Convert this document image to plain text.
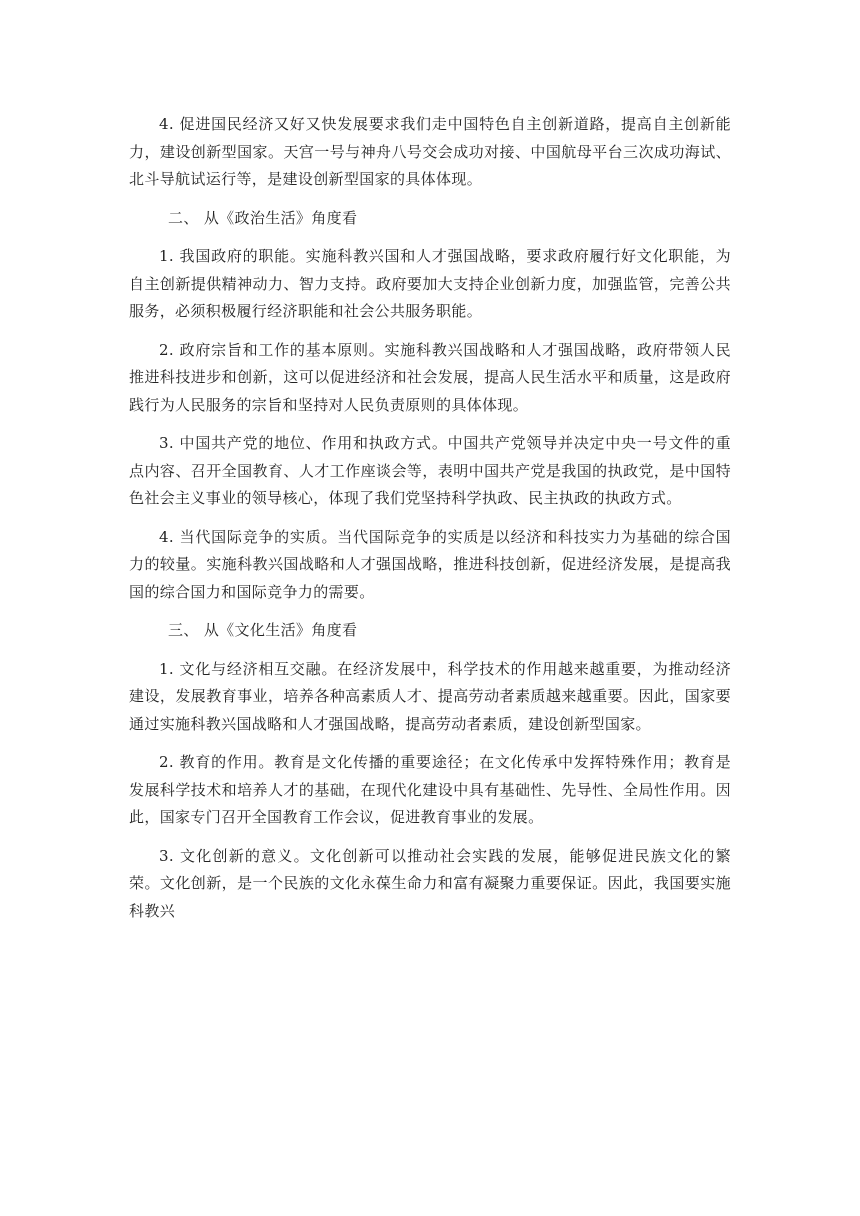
4. 促进国民经济又好又快发展要求我们走中国特色自主创新道路，提高自主创新能力，建设创新型国家。天宫一号与神舟八号交会成功对接、中国航母平台三次成功海试、北斗导航试运行等，是建设创新型国家的具体体现。

二、 从《政治生活》角度看

1. 我国政府的职能。实施科教兴国和人才强国战略，要求政府履行好文化职能，为自主创新提供精神动力、智力支持。政府要加大支持企业创新力度，加强监管，完善公共服务，必须积极履行经济职能和社会公共服务职能。

2. 政府宗旨和工作的基本原则。实施科教兴国战略和人才强国战略，政府带领人民推进科技进步和创新，这可以促进经济和社会发展，提高人民生活水平和质量，这是政府践行为人民服务的宗旨和坚持对人民负责原则的具体体现。

3. 中国共产党的地位、作用和执政方式。中国共产党领导并决定中央一号文件的重点内容、召开全国教育、人才工作座谈会等，表明中国共产党是我国的执政党，是中国特色社会主义事业的领导核心，体现了我们党坚持科学执政、民主执政的执政方式。

4. 当代国际竞争的实质。当代国际竞争的实质是以经济和科技实力为基础的综合国力的较量。实施科教兴国战略和人才强国战略，推进科技创新，促进经济发展，是提高我国的综合国力和国际竞争力的需要。

三、 从《文化生活》角度看

1. 文化与经济相互交融。在经济发展中，科学技术的作用越来越重要，为推动经济建设，发展教育事业，培养各种高素质人才、提高劳动者素质越来越重要。因此，国家要通过实施科教兴国战略和人才强国战略，提高劳动者素质，建设创新型国家。

2. 教育的作用。教育是文化传播的重要途径；在文化传承中发挥特殊作用；教育是发展科学技术和培养人才的基础，在现代化建设中具有基础性、先导性、全局性作用。因此，国家专门召开全国教育工作会议，促进教育事业的发展。

3. 文化创新的意义。文化创新可以推动社会实践的发展，能够促进民族文化的繁荣。文化创新，是一个民族的文化永葆生命力和富有凝聚力重要保证。因此，我国要实施科教兴
